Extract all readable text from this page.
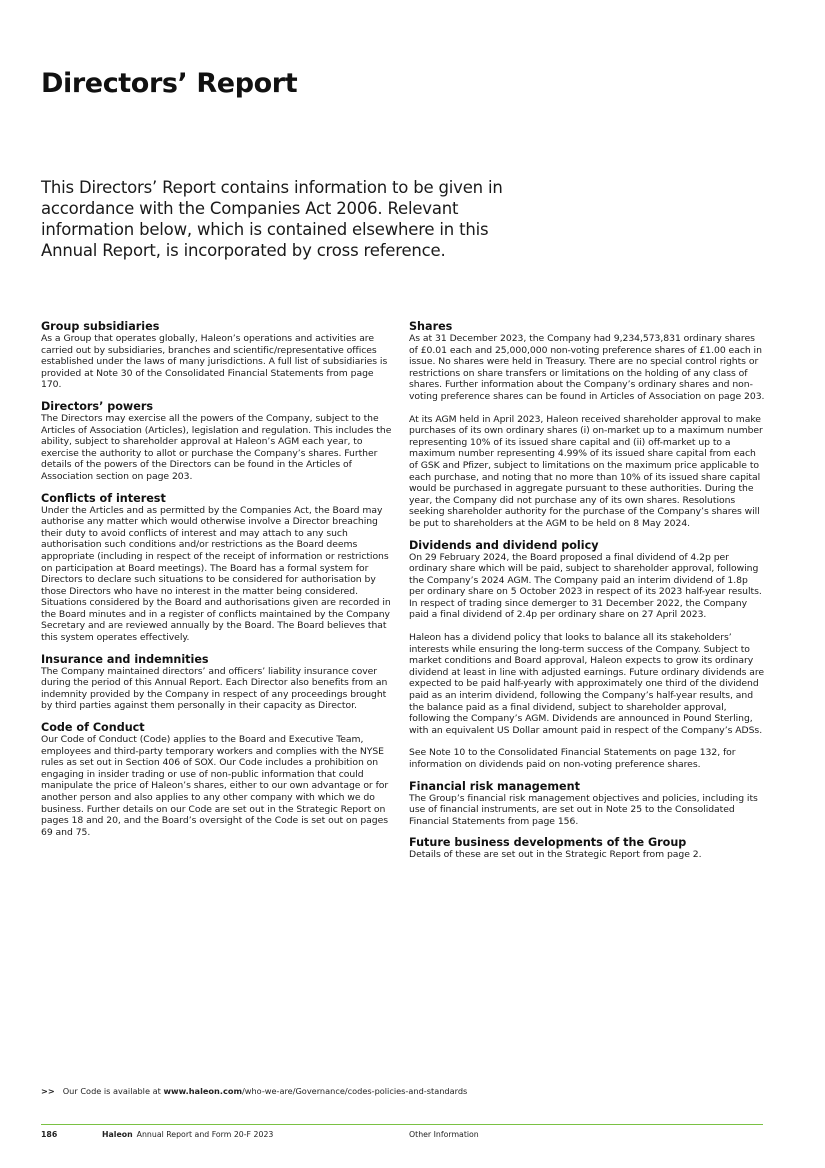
Directors’ Report

This Directors’ Report contains information to be given in accordance with the Companies Act 2006. Relevant information below, which is contained elsewhere in this Annual Report, is incorporated by cross reference.

Group subsidiaries

As a Group that operates globally, Haleon’s operations and activities are carried out by subsidiaries, branches and scientific/representative offices established under the laws of many jurisdictions. A full list of subsidiaries is provided at Note 30 of the Consolidated Financial Statements from page 170.

Directors’ powers

The Directors may exercise all the powers of the Company, subject to the Articles of Association (Articles), legislation and regulation. This includes the ability, subject to shareholder approval at Haleon’s AGM each year, to exercise the authority to allot or purchase the Company’s shares. Further details of the powers of the Directors can be found in the Articles of Association section on page 203.

Conflicts of interest

Under the Articles and as permitted by the Companies Act, the Board may authorise any matter which would otherwise involve a Director breaching their duty to avoid conflicts of interest and may attach to any such authorisation such conditions and/or restrictions as the Board deems appropriate (including in respect of the receipt of information or restrictions on participation at Board meetings). The Board has a formal system for Directors to declare such situations to be considered for authorisation by those Directors who have no interest in the matter being considered. Situations considered by the Board and authorisations given are recorded in the Board minutes and in a register of conflicts maintained by the Company Secretary and are reviewed annually by the Board. The Board believes that this system operates effectively.

Insurance and indemnities

The Company maintained directors’ and officers’ liability insurance cover during the period of this Annual Report. Each Director also benefits from an indemnity provided by the Company in respect of any proceedings brought by third parties against them personally in their capacity as Director.

Code of Conduct

Our Code of Conduct (Code) applies to the Board and Executive Team, employees and third-party temporary workers and complies with the NYSE rules as set out in Section 406 of SOX. Our Code includes a prohibition on engaging in insider trading or use of non-public information that could manipulate the price of Haleon’s shares, either to our own advantage or for another person and also applies to any other company with which we do business. Further details on our Code are set out in the Strategic Report on pages 18 and 20, and the Board’s oversight of the Code is set out on pages 69 and 75.

Shares

As at 31 December 2023, the Company had 9,234,573,831 ordinary shares of £0.01 each and 25,000,000 non-voting preference shares of £1.00 each in issue. No shares were held in Treasury. There are no special control rights or restrictions on share transfers or limitations on the holding of any class of shares. Further information about the Company’s ordinary shares and non-voting preference shares can be found in Articles of Association on page 203.

At its AGM held in April 2023, Haleon received shareholder approval to make purchases of its own ordinary shares (i) on-market up to a maximum number representing 10% of its issued share capital and (ii) off-market up to a maximum number representing 4.99% of its issued share capital from each of GSK and Pfizer, subject to limitations on the maximum price applicable to each purchase, and noting that no more than 10% of its issued share capital would be purchased in aggregate pursuant to these authorities. During the year, the Company did not purchase any of its own shares. Resolutions seeking shareholder authority for the purchase of the Company’s shares will be put to shareholders at the AGM to be held on 8 May 2024.

Dividends and dividend policy

On 29 February 2024, the Board proposed a final dividend of 4.2p per ordinary share which will be paid, subject to shareholder approval, following the Company’s 2024 AGM. The Company paid an interim dividend of 1.8p per ordinary share on 5 October 2023 in respect of its 2023 half-year results. In respect of trading since demerger to 31 December 2022, the Company paid a final dividend of 2.4p per ordinary share on 27 April 2023.

Haleon has a dividend policy that looks to balance all its stakeholders’ interests while ensuring the long-term success of the Company. Subject to market conditions and Board approval, Haleon expects to grow its ordinary dividend at least in line with adjusted earnings. Future ordinary dividends are expected to be paid half-yearly with approximately one third of the dividend paid as an interim dividend, following the Company’s half-year results, and the balance paid as a final dividend, subject to shareholder approval, following the Company’s AGM. Dividends are announced in Pound Sterling, with an equivalent US Dollar amount paid in respect of the Company’s ADSs.

See Note 10 to the Consolidated Financial Statements on page 132, for information on dividends paid on non-voting preference shares.

Financial risk management

The Group’s financial risk management objectives and policies, including its use of financial instruments, are set out in Note 25 to the Consolidated Financial Statements from page 156.

Future business developments of the Group

Details of these are set out in the Strategic Report from page 2.

>> Our Code is available at www.haleon.com/who-we-are/Governance/codes-policies-and-standards
186	Haleon Annual Report and Form 20-F 2023	Other Information
